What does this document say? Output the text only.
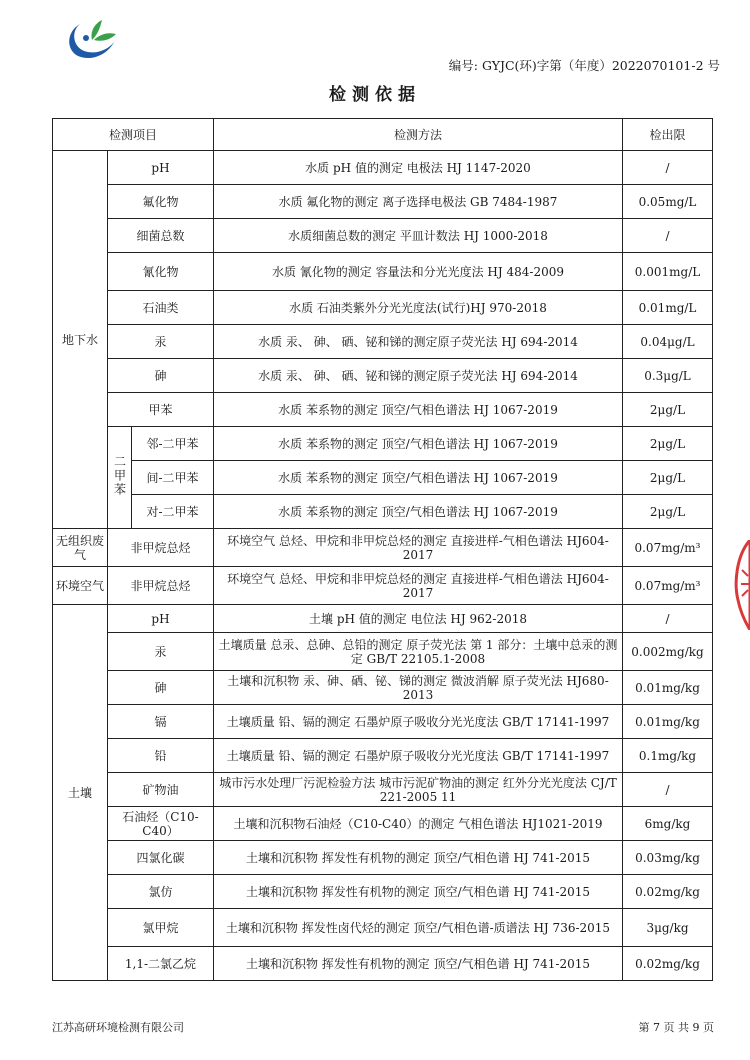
编号: GYJC(环)字第（年度）2022070101-2 号
检测依据
检测项目			检测方法	检出限
地下水	pH		水质 pH 值的测定 电极法 HJ 1147-2020	/
	氟化物		水质 氟化物的测定 离子选择电极法 GB 7484-1987	0.05mg/L
	细菌总数		水质细菌总数的测定 平皿计数法 HJ 1000-2018	/
	氰化物		水质 氰化物的测定 容量法和分光光度法 HJ 484-2009	0.001mg/L
	石油类		水质 石油类紫外分光光度法(试行)HJ 970-2018	0.01mg/L
	汞		水质 汞、 砷、 硒、铋和锑的测定原子荧光法 HJ 694-2014	0.04μg/L
	砷		水质 汞、 砷、 硒、铋和锑的测定原子荧光法 HJ 694-2014	0.3μg/L
	甲苯		水质 苯系物的测定 顶空/气相色谱法 HJ 1067-2019	2μg/L
	二甲苯	邻-二甲苯	水质 苯系物的测定 顶空/气相色谱法 HJ 1067-2019	2μg/L
		间-二甲苯	水质 苯系物的测定 顶空/气相色谱法 HJ 1067-2019	2μg/L
		对-二甲苯	水质 苯系物的测定 顶空/气相色谱法 HJ 1067-2019	2μg/L
无组织废气	非甲烷总烃		环境空气 总烃、甲烷和非甲烷总烃的测定 直接进样-气相色谱法 HJ604-2017	0.07mg/m³
环境空气	非甲烷总烃		环境空气 总烃、甲烷和非甲烷总烃的测定 直接进样-气相色谱法 HJ604-2017	0.07mg/m³
土壤	pH		土壤 pH 值的测定 电位法 HJ 962-2018	/
	汞		土壤质量 总汞、总砷、总铅的测定 原子荧光法 第 1 部分：土壤中总汞的测定 GB/T 22105.1-2008	0.002mg/kg
	砷		土壤和沉积物 汞、砷、硒、铋、锑的测定 微波消解 原子荧光法 HJ680-2013	0.01mg/kg
	镉		土壤质量 铅、镉的测定 石墨炉原子吸收分光光度法 GB/T 17141-1997	0.01mg/kg
	铅		土壤质量 铅、镉的测定 石墨炉原子吸收分光光度法 GB/T 17141-1997	0.1mg/kg
	矿物油		城市污水处理厂污泥检验方法 城市污泥矿物油的测定 红外分光光度法 CJ/T 221-2005 11	/
	石油烃（C10-C40）		土壤和沉积物石油烃（C10-C40）的测定 气相色谱法 HJ1021-2019	6mg/kg
	四氯化碳		土壤和沉积物 挥发性有机物的测定 顶空/气相色谱 HJ 741-2015	0.03mg/kg
	氯仿		土壤和沉积物 挥发性有机物的测定 顶空/气相色谱 HJ 741-2015	0.02mg/kg
	氯甲烷		土壤和沉积物 挥发性卤代烃的测定 顶空/气相色谱-质谱法 HJ 736-2015	3μg/kg
	1,1-二氯乙烷		土壤和沉积物 挥发性有机物的测定 顶空/气相色谱 HJ 741-2015	0.02mg/kg
江苏高研环境检测有限公司	第 7 页 共 9 页
